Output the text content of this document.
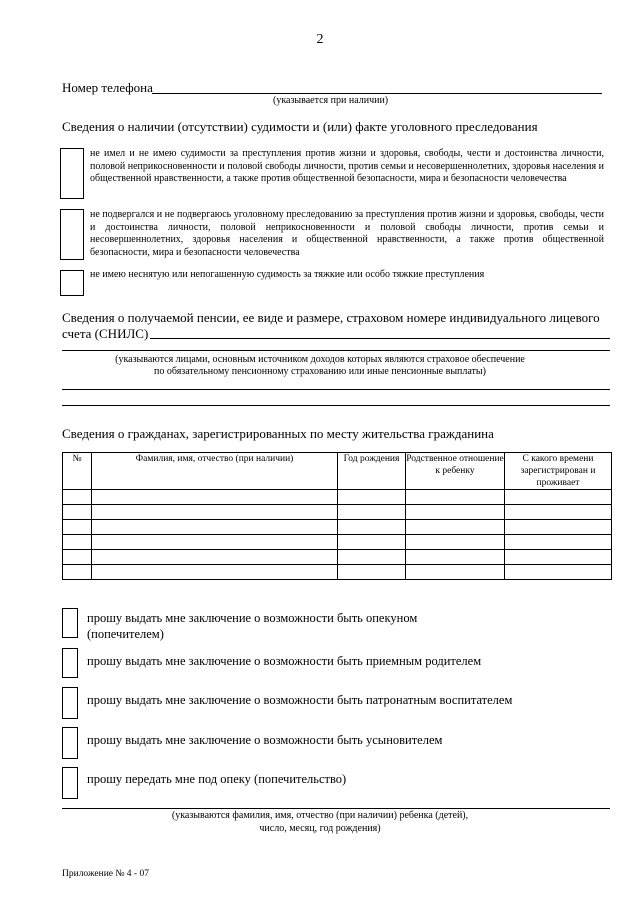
2
Номер телефона
(указывается при наличии)
Сведения о наличии (отсутствии) судимости и (или) факте уголовного преследования
не имел и не имею судимости за преступления против жизни и здоровья, свободы, чести и достоинства личности, половой неприкосновенности и половой свободы личности, против семьи и несовершеннолетних, здоровья населения и общественной нравственности, а также против общественной безопасности, мира и безопасности человечества
не подвергался и не подвергаюсь уголовному преследованию за преступления против жизни и здоровья, свободы, чести и достоинства личности, половой неприкосновенности и половой свободы личности, против семьи и несовершеннолетних, здоровья населения и общественной нравственности, а также против общественной безопасности, мира и безопасности человечества
не имею неснятую или непогашенную судимость за тяжкие или особо тяжкие преступления
Сведения о получаемой пенсии, ее виде и размере, страховом номере индивидуального лицевого
счета (СНИЛС)
(указываются лицами, основным источником доходов которых являются страховое обеспечение
по обязательному пенсионному страхованию или иные пенсионные выплаты)
Сведения о гражданах, зарегистрированных по месту жительства гражданина
№	Фамилия, имя, отчество (при наличии)	Год рождения	Родственное отношение к ребенку	С какого времени зарегистрирован и проживает

прошу выдать мне заключение о возможности быть опекуном (попечителем)
прошу выдать мне заключение о возможности быть приемным родителем
прошу выдать мне заключение о возможности быть патронатным воспитателем
прошу выдать мне заключение о возможности быть усыновителем
прошу передать мне под опеку (попечительство)
(указываются фамилия, имя, отчество (при наличии) ребенка (детей),
число, месяц, год рождения)
Приложение № 4 - 07
